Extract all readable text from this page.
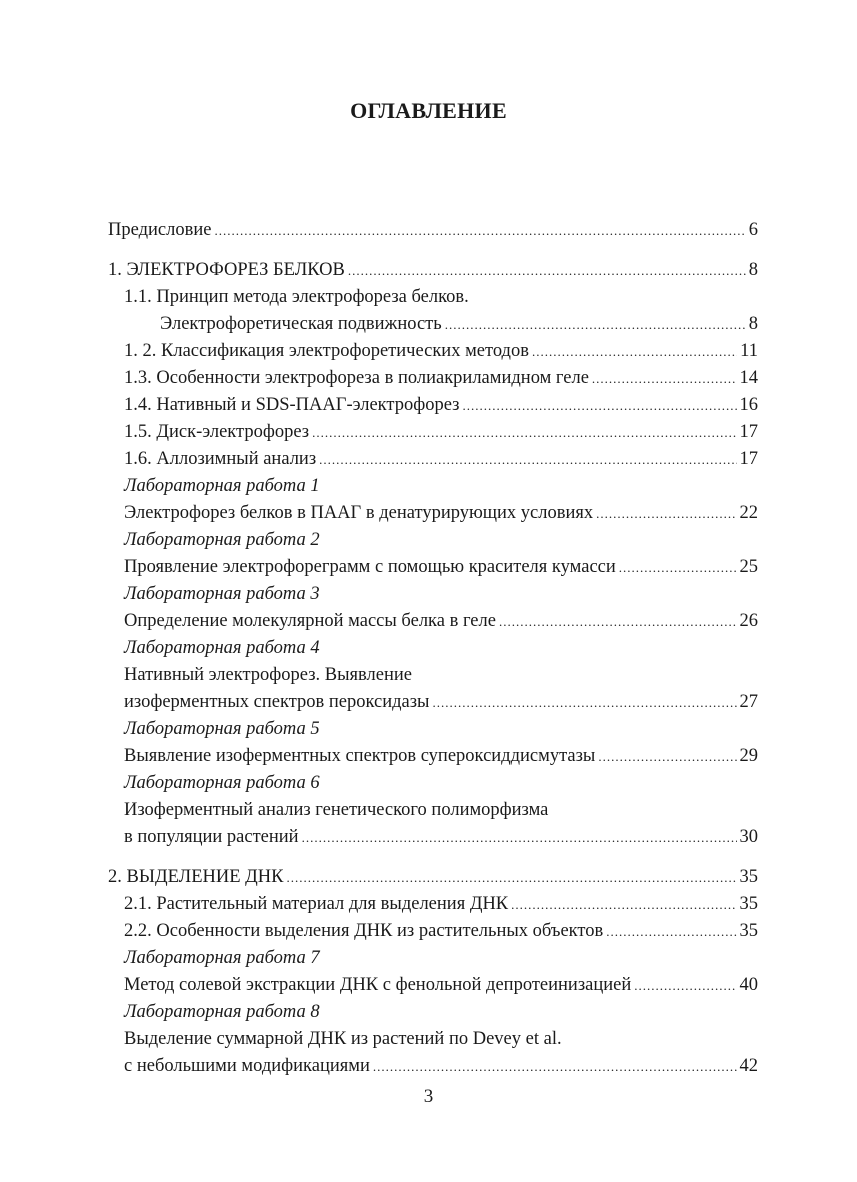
ОГЛАВЛЕНИЕ
Предисловие .....	6
1. ЭЛЕКТРОФОРЕЗ БЕЛКОВ .....	8
1.1. Принцип метода электрофореза белков.
Электрофоретическая подвижность .....	8
1. 2. Классификация электрофоретических методов .....	11
1.3. Особенности электрофореза в полиакриламидном геле .....	14
1.4. Нативный и SDS-ПААГ-электрофорез .....	16
1.5. Диск-электрофорез .....	17
1.6. Аллозимный анализ .....	17
Лабораторная работа 1
Электрофорез белков в ПААГ в денатурирующих условиях .....	22
Лабораторная работа 2
Проявление электрофореграмм с помощью красителя кумасси .....	25
Лабораторная работа 3
Определение молекулярной массы белка в геле .....	26
Лабораторная работа 4
Нативный электрофорез. Выявление
изоферментных спектров пероксидазы .....	27
Лабораторная работа 5
Выявление изоферментных спектров супероксиддисмутазы .....	29
Лабораторная работа 6
Изоферментный анализ генетического полиморфизма
в популяции растений .....	30
2. ВЫДЕЛЕНИЕ ДНК .....	35
2.1. Растительный материал для выделения ДНК .....	35
2.2. Особенности выделения ДНК из растительных объектов .....	35
Лабораторная работа 7
Метод солевой экстракции ДНК с фенольной депротеинизацией .....	40
Лабораторная работа 8
Выделение суммарной ДНК из растений по Devey et al.
с небольшими модификациями .....	42
3
